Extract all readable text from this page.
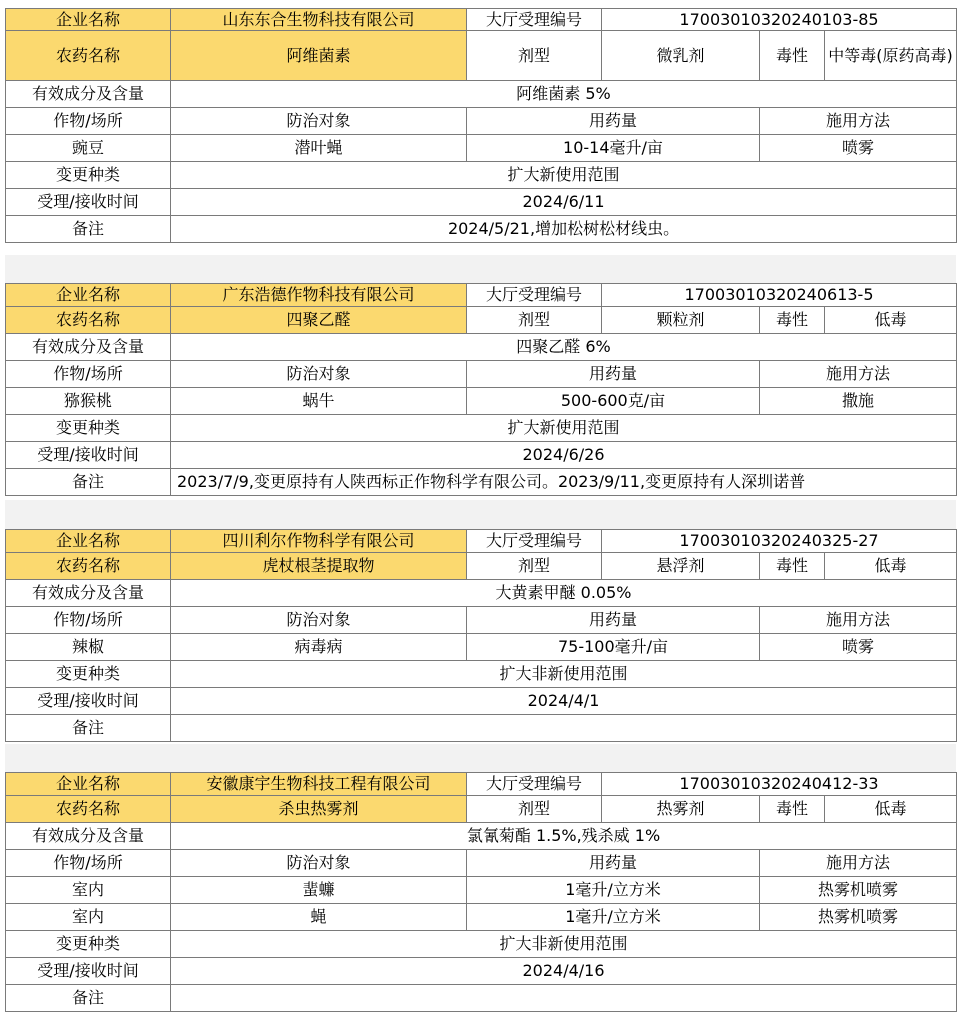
企业名称	山东东合生物科技有限公司	大厅受理编号	17003010320240103-85		
农药名称	阿维菌素	剂型	微乳剂	毒性	中等毒(原药高毒)
有效成分及含量	阿维菌素 5%				
作物/场所	防治对象	用药量		施用方法	
豌豆	潜叶蝇	10-14毫升/亩		喷雾	
变更种类	扩大新使用范围				
受理/接收时间	2024/6/11				
备注	2024/5/21,增加松树松材线虫。				
企业名称	广东浩德作物科技有限公司	大厅受理编号	17003010320240613-5		
农药名称	四聚乙醛	剂型	颗粒剂	毒性	低毒
有效成分及含量	四聚乙醛 6%				
作物/场所	防治对象	用药量		施用方法	
猕猴桃	蜗牛	500-600克/亩		撒施	
变更种类	扩大新使用范围				
受理/接收时间	2024/6/26				
备注	2023/7/9,变更原持有人陕西标正作物科学有限公司。2023/9/11,变更原持有人深圳诺普				
企业名称	四川利尔作物科学有限公司	大厅受理编号	17003010320240325-27		
农药名称	虎杖根茎提取物	剂型	悬浮剂	毒性	低毒
有效成分及含量	大黄素甲醚 0.05%				
作物/场所	防治对象	用药量		施用方法	
辣椒	病毒病	75-100毫升/亩		喷雾	
变更种类	扩大非新使用范围				
受理/接收时间	2024/4/1				
备注					
企业名称	安徽康宇生物科技工程有限公司	大厅受理编号	17003010320240412-33		
农药名称	杀虫热雾剂	剂型	热雾剂	毒性	低毒
有效成分及含量	氯氰菊酯 1.5%,残杀威 1%				
作物/场所	防治对象	用药量		施用方法	
室内	蜚蠊	1毫升/立方米		热雾机喷雾	
室内	蝇	1毫升/立方米		热雾机喷雾	
变更种类	扩大非新使用范围				
受理/接收时间	2024/4/16				
备注					
